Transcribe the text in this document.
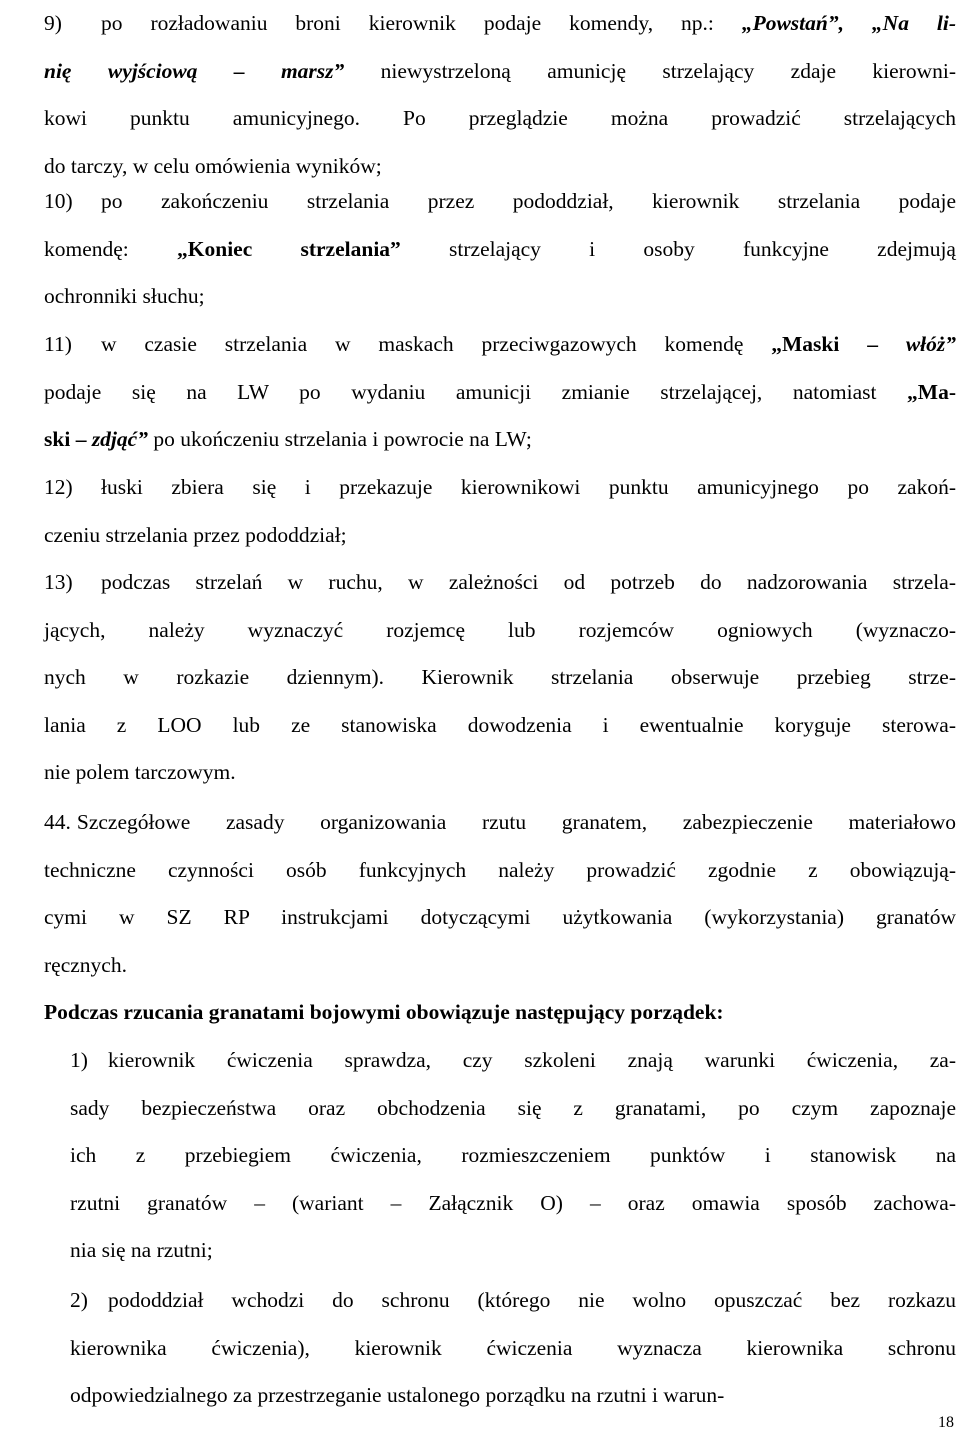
9) po rozładowaniu broni kierownik podaje komendy, np.: „Powstań”, „Na li-
nię wyjściową – marsz” niewystrzeloną amunicję strzelający zdaje kierowni-
kowi punktu amunicyjnego. Po przeglądzie można prowadzić strzelających
do tarczy, w celu omówienia wyników;
10) po zakończeniu strzelania przez pododdział, kierownik strzelania podaje
komendę: „Koniec strzelania” strzelający i osoby funkcyjne zdejmują
ochronniki słuchu;
11) w czasie strzelania w maskach przeciwgazowych komendę „Maski – włóż”
podaje się na LW po wydaniu amunicji zmianie strzelającej, natomiast „Ma-
ski – zdjąć” po ukończeniu strzelania i powrocie na LW;
12) łuski zbiera się i przekazuje kierownikowi punktu amunicyjnego po zakoń-
czeniu strzelania przez pododdział;
13) podczas strzelań w ruchu, w zależności od potrzeb do nadzorowania strzela-
jących, należy wyznaczyć rozjemcę lub rozjemców ogniowych (wyznaczo-
nych w rozkazie dziennym). Kierownik strzelania obserwuje przebieg strze-
lania z LOO lub ze stanowiska dowodzenia i ewentualnie koryguje sterowa-
nie polem tarczowym.
44. Szczegółowe zasady organizowania rzutu granatem, zabezpieczenie materiałowo
techniczne czynności osób funkcyjnych należy prowadzić zgodnie z obowiązują-
cymi w SZ RP instrukcjami dotyczącymi użytkowania (wykorzystania) granatów
ręcznych.

Podczas rzucania granatami bojowymi obowiązuje następujący porządek:

1) kierownik ćwiczenia sprawdza, czy szkoleni znają warunki ćwiczenia, za-
sady bezpieczeństwa oraz obchodzenia się z granatami, po czym zapoznaje
ich z przebiegiem ćwiczenia, rozmieszczeniem punktów i stanowisk na
rzutni granatów – (wariant – Załącznik O) – oraz omawia sposób zachowa-
nia się na rzutni;
2) pododdział wchodzi do schronu (którego nie wolno opuszczać bez rozkazu
kierownika ćwiczenia), kierownik ćwiczenia wyznacza kierownika schronu
odpowiedzialnego za przestrzeganie ustalonego porządku na rzutni i warun-
18
